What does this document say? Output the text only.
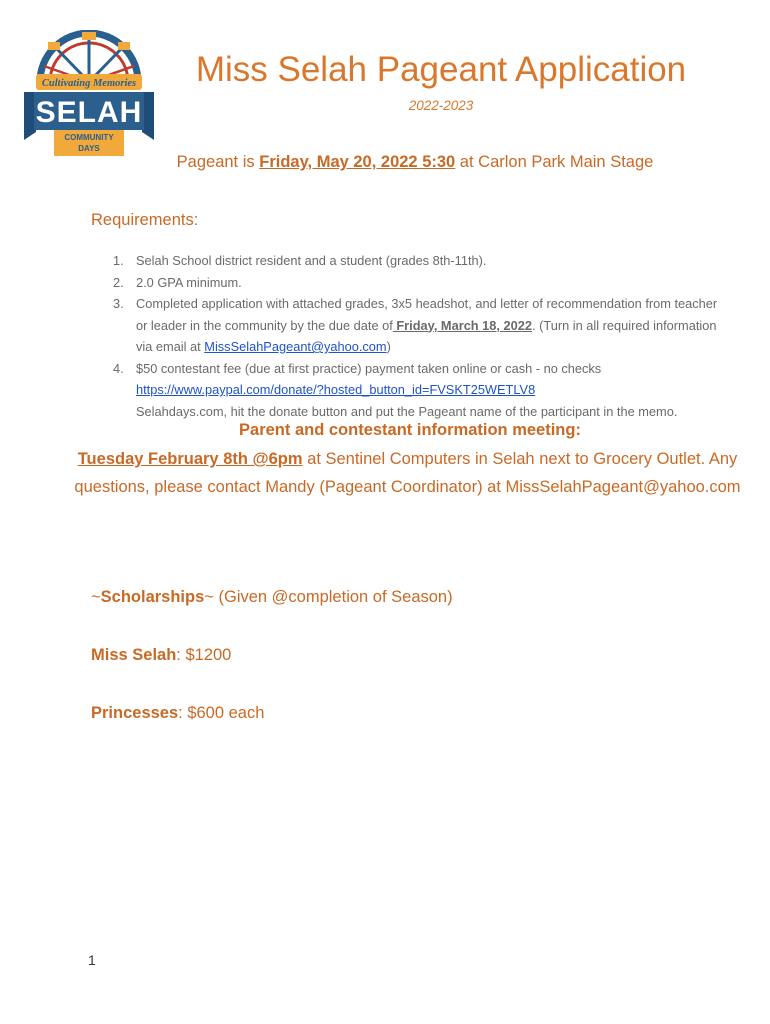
Cultivating Memories
SELAH
COMMUNITY
DAYS
Miss Selah Pageant Application
2022-2023
Pageant is Friday, May 20, 2022 5:30 at Carlon Park Main Stage
Requirements:
1. Selah School district resident and a student (grades 8th-11th).
2. 2.0 GPA minimum.
3. Completed application with attached grades, 3x5 headshot, and letter of recommendation from teacher or leader in the community by the due date of Friday, March 18, 2022. (Turn in all required information via email at MissSelahPageant@yahoo.com)
4. $50 contestant fee (due at first practice) payment taken online or cash - no checks
https://www.paypal.com/donate/?hosted_button_id=FVSKT25WETLV8
Selahdays.com, hit the donate button and put the Pageant name of the participant in the memo.
Parent and contestant information meeting:
Tuesday February 8th @6pm at Sentinel Computers in Selah next to Grocery Outlet. Any questions, please contact Mandy (Pageant Coordinator) at MissSelahPageant@yahoo.com
~Scholarships~ (Given @completion of Season)
Miss Selah: $1200
Princesses: $600 each
1
